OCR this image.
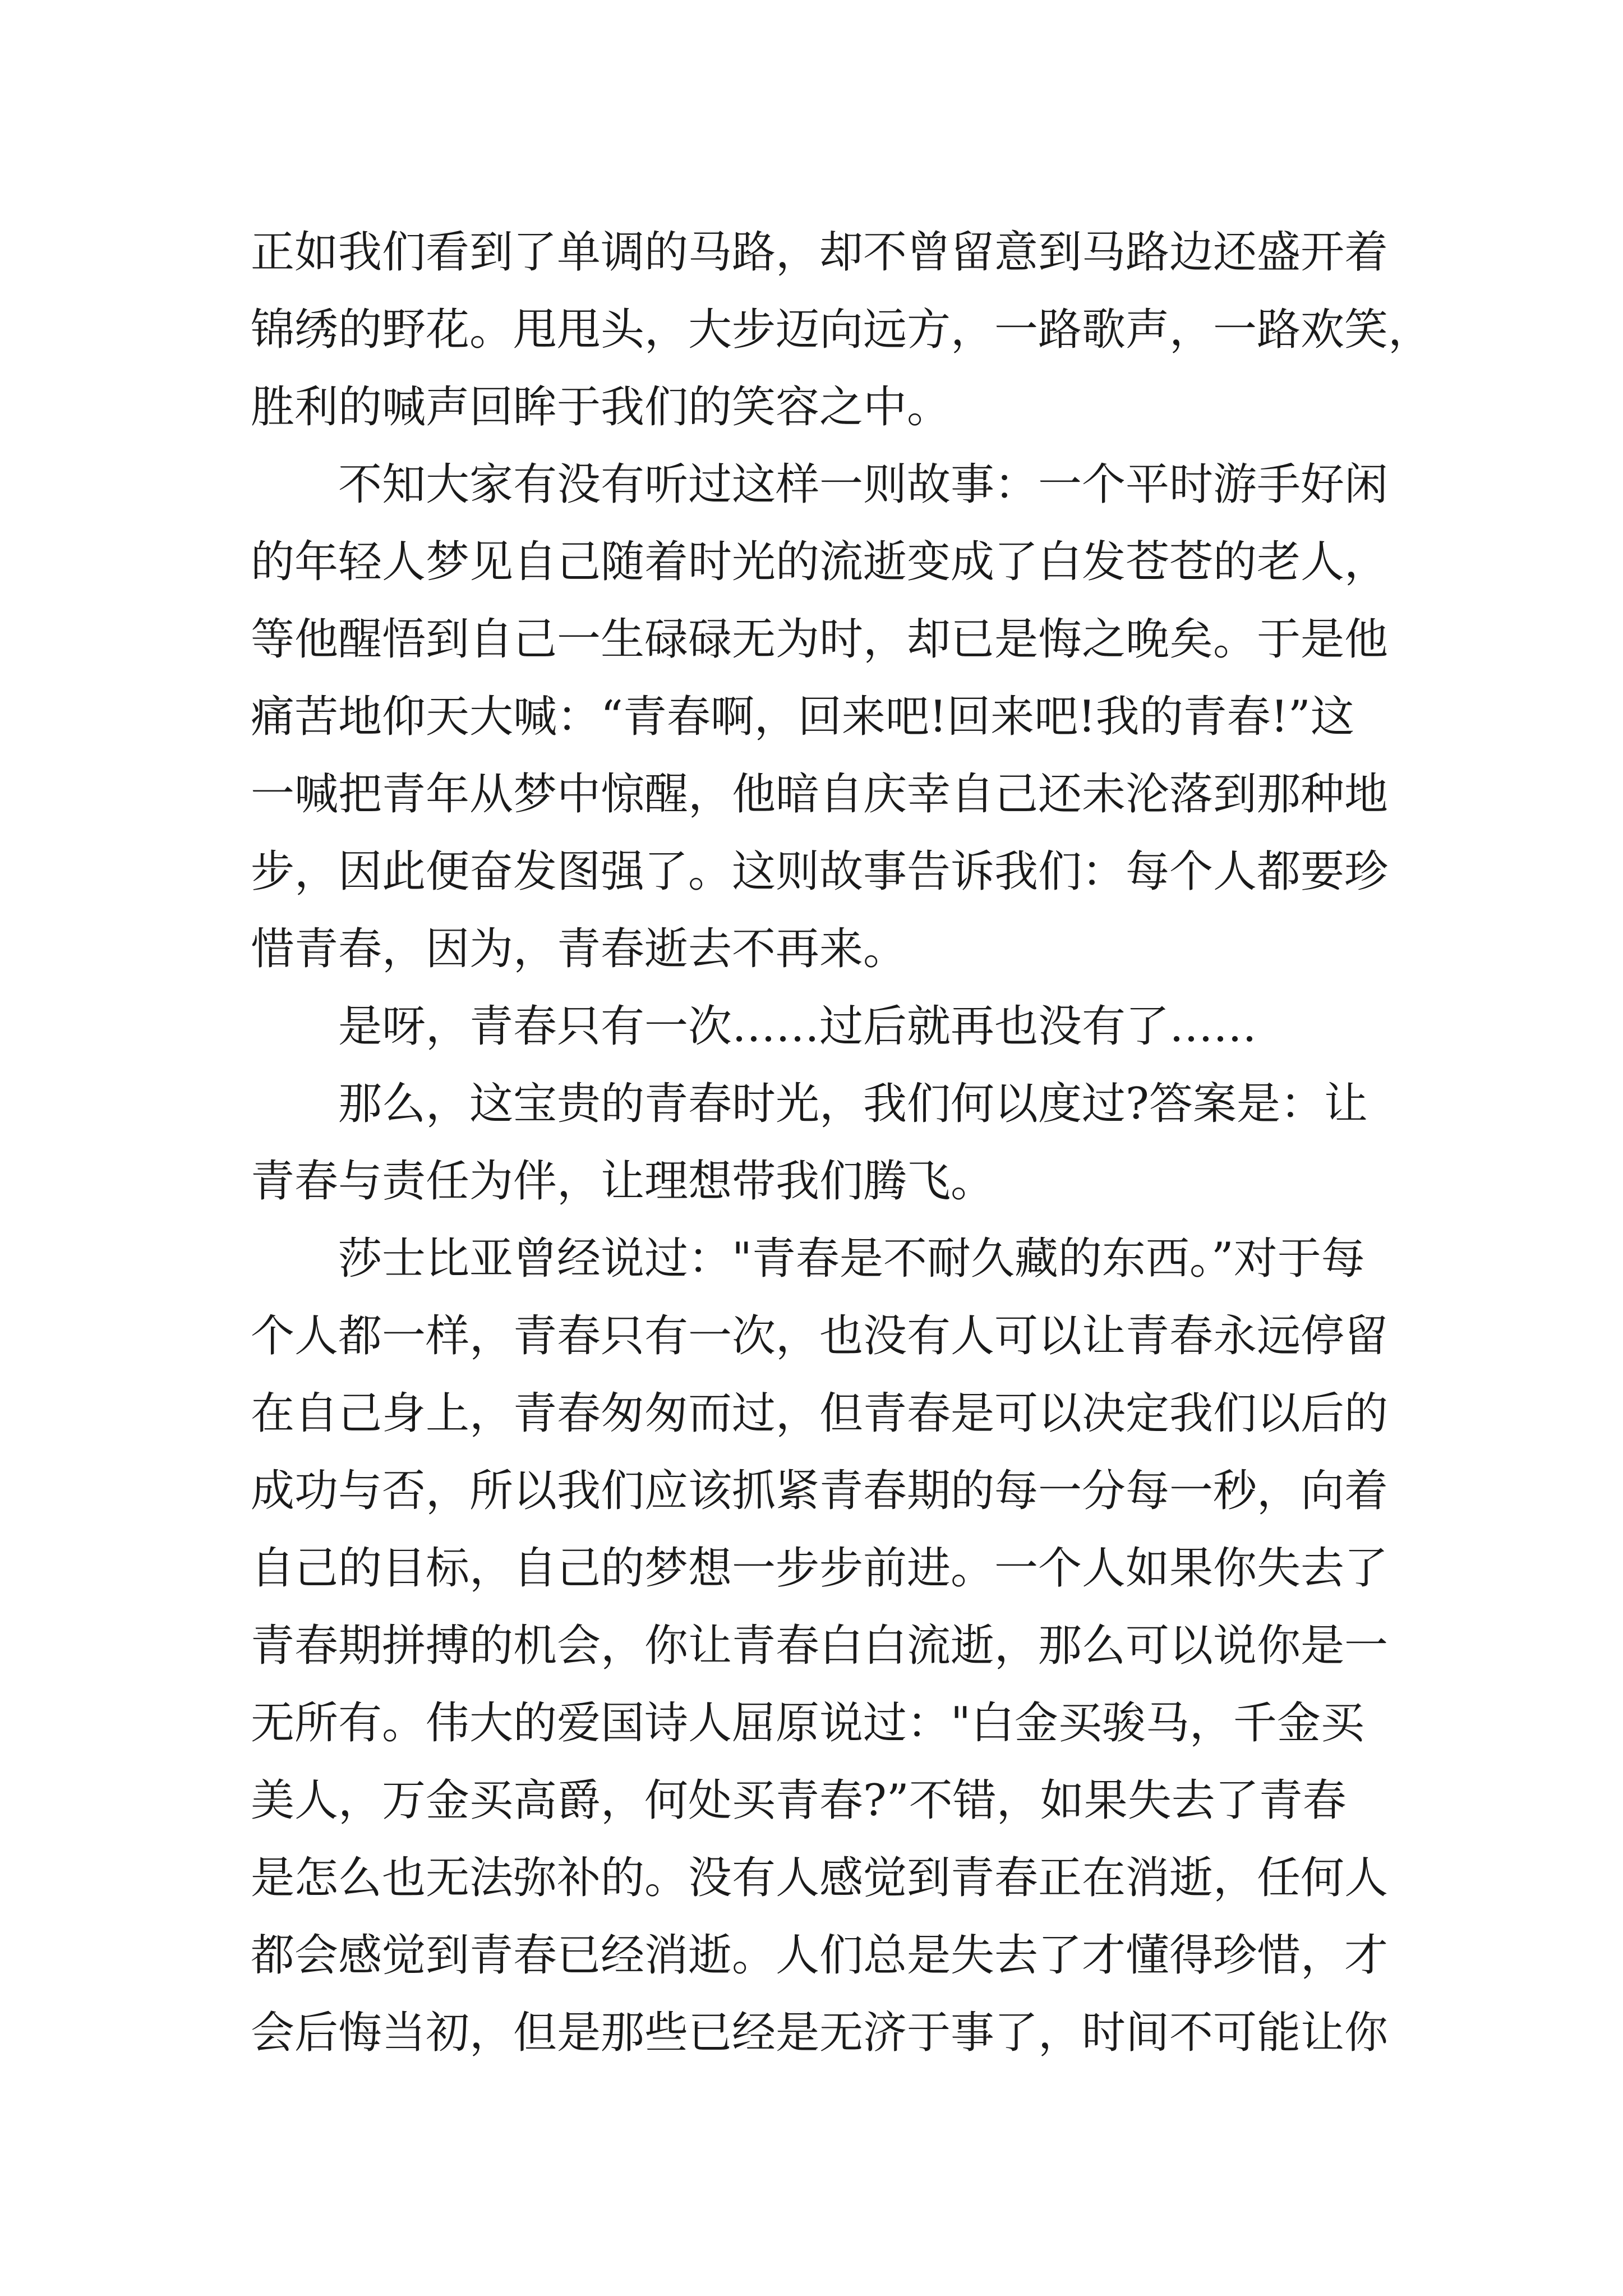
正如我们看到了单调的马路，却不曾留意到马路边还盛开着
锦绣的野花。甩甩头，大步迈向远方，一路歌声，一路欢笑，
胜利的喊声回眸于我们的笑容之中。
不知大家有没有听过这样一则故事：一个平时游手好闲
的年轻人梦见自己随着时光的流逝变成了白发苍苍的老人，
等他醒悟到自己一生碌碌无为时，却已是悔之晚矣。于是他
痛苦地仰天大喊：“青春啊，回来吧!回来吧!我的青春!”这
一喊把青年从梦中惊醒，他暗自庆幸自己还未沦落到那种地
步，因此便奋发图强了。这则故事告诉我们：每个人都要珍
惜青春，因为，青春逝去不再来。
是呀，青春只有一次……过后就再也没有了……
那么，这宝贵的青春时光，我们何以度过?答案是：让
青春与责任为伴，让理想带我们腾飞。
莎士比亚曾经说过："青春是不耐久藏的东西。”对于每
个人都一样，青春只有一次，也没有人可以让青春永远停留
在自己身上，青春匆匆而过，但青春是可以决定我们以后的
成功与否，所以我们应该抓紧青春期的每一分每一秒，向着
自己的目标，自己的梦想一步步前进。一个人如果你失去了
青春期拼搏的机会，你让青春白白流逝，那么可以说你是一
无所有。伟大的爱国诗人屈原说过："白金买骏马，千金买
美人，万金买高爵，何处买青春?”不错，如果失去了青春
是怎么也无法弥补的。没有人感觉到青春正在消逝，任何人
都会感觉到青春已经消逝。人们总是失去了才懂得珍惜，才
会后悔当初，但是那些已经是无济于事了，时间不可能让你
